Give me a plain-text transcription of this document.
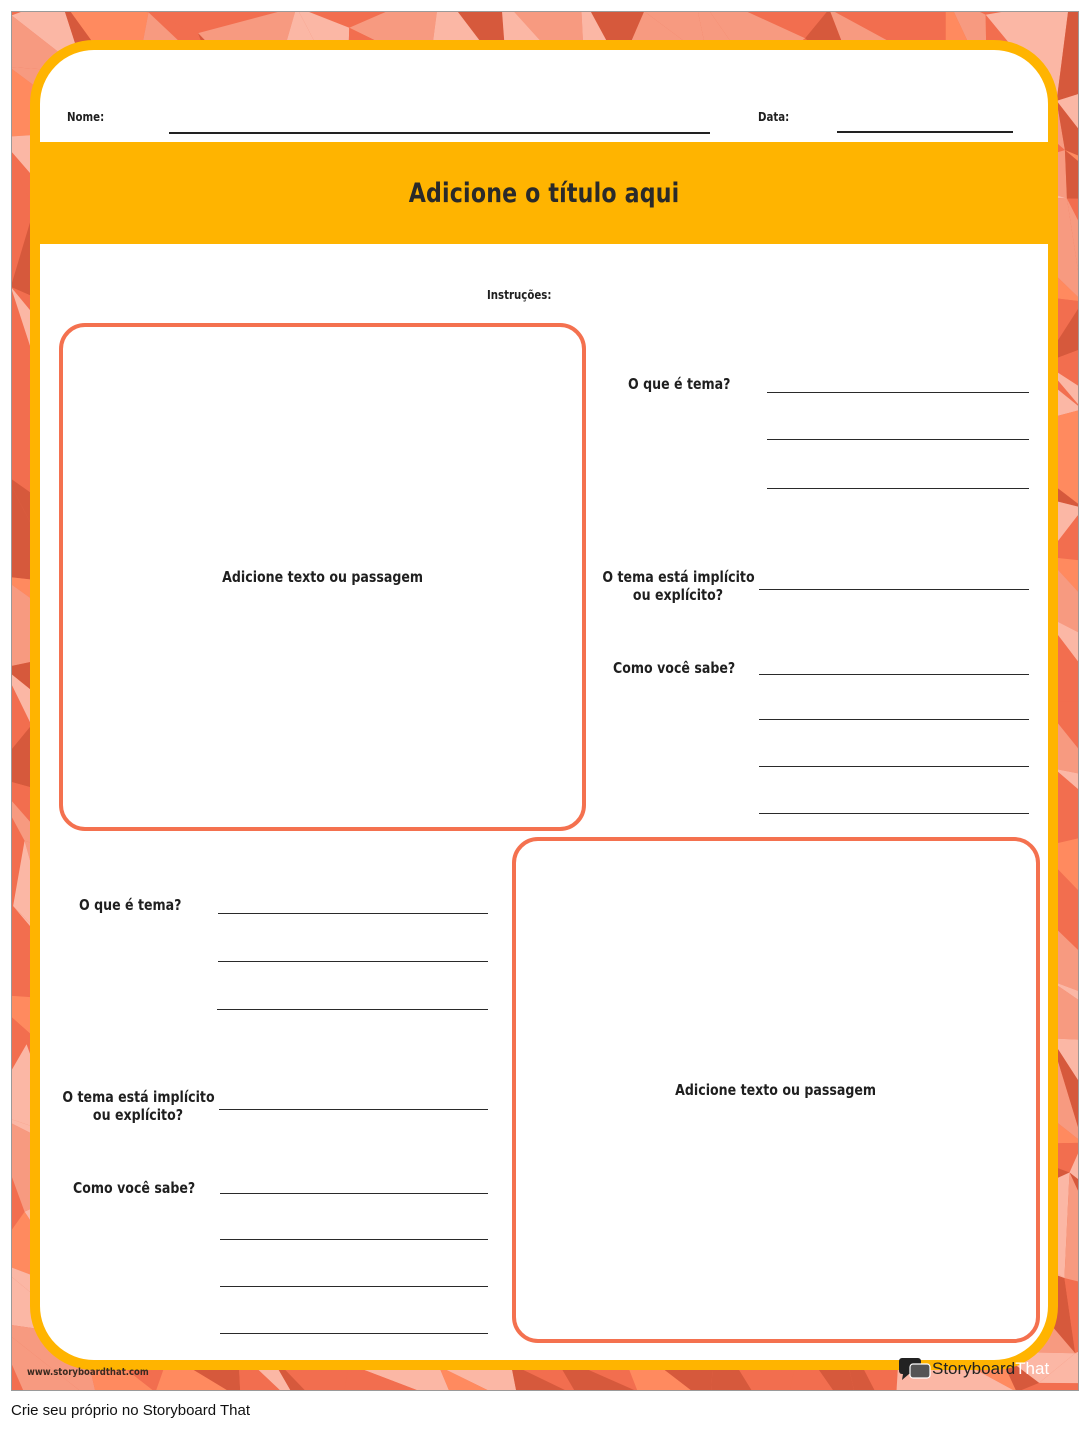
Nome:	Data:
Adicione o título aqui
Instruções:
Adicione texto ou passagem
O que é tema?
O tema está implícito
ou explícito?
Como você sabe?
O que é tema?
O tema está implícito
ou explícito?
Como você sabe?
Adicione texto ou passagem
www.storyboardthat.com	StoryboardThat
Crie seu próprio no Storyboard That
